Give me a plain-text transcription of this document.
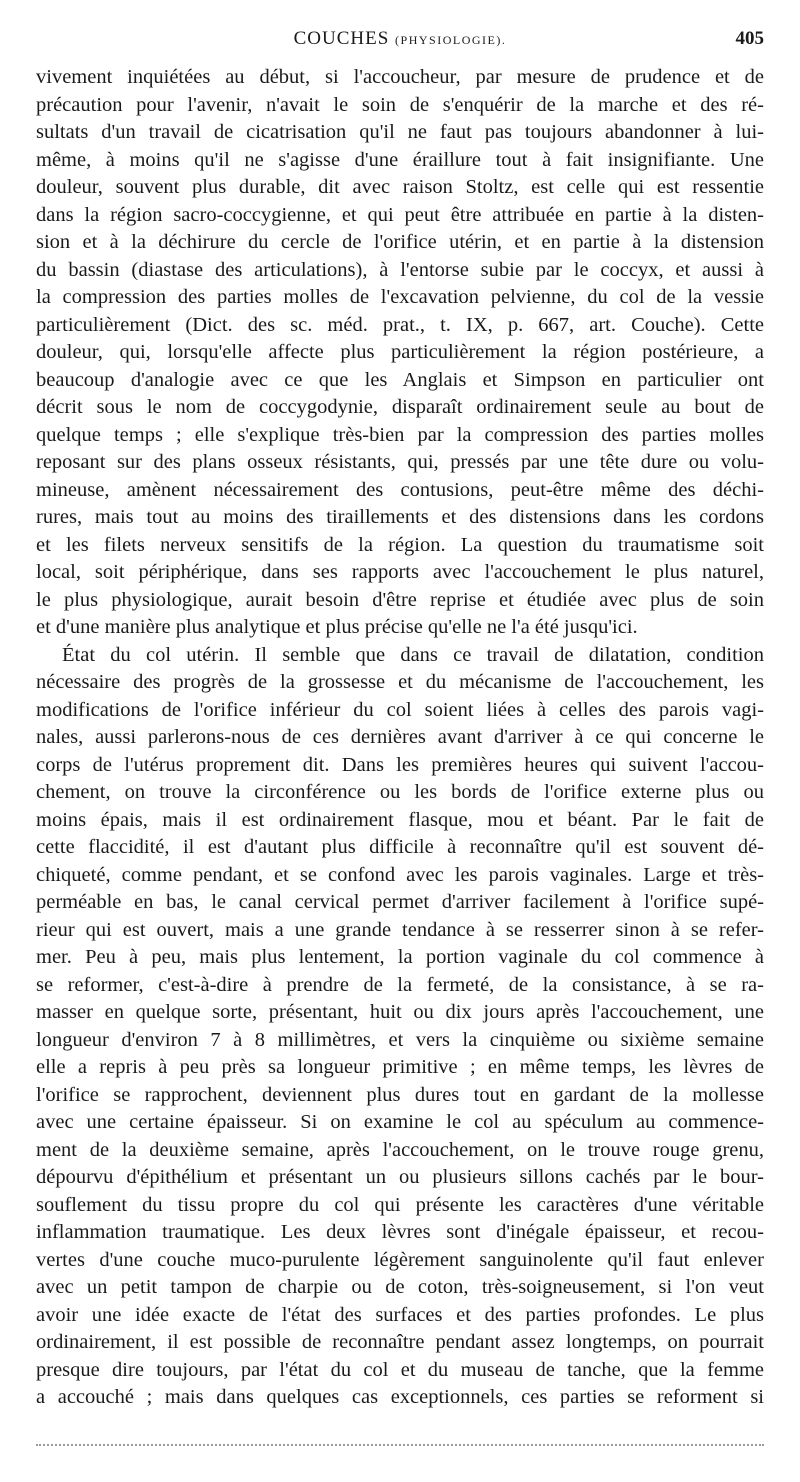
COUCHES (PHYSIOLOGIE).	405
vivement inquiétées au début, si l'accoucheur, par mesure de prudence et de
précaution pour l'avenir, n'avait le soin de s'enquérir de la marche et des ré-
sultats d'un travail de cicatrisation qu'il ne faut pas toujours abandonner à lui-
même, à moins qu'il ne s'agisse d'une éraillure tout à fait insignifiante. Une
douleur, souvent plus durable, dit avec raison Stoltz, est celle qui est ressentie
dans la région sacro-coccygienne, et qui peut être attribuée en partie à la disten-
sion et à la déchirure du cercle de l'orifice utérin, et en partie à la distension
du bassin (diastase des articulations), à l'entorse subie par le coccyx, et aussi à
la compression des parties molles de l'excavation pelvienne, du col de la vessie
particulièrement (Dict. des sc. méd. prat., t. IX, p. 667, art. Couche). Cette
douleur, qui, lorsqu'elle affecte plus particulièrement la région postérieure, a
beaucoup d'analogie avec ce que les Anglais et Simpson en particulier ont
décrit sous le nom de coccygodynie, disparaît ordinairement seule au bout de
quelque temps ; elle s'explique très-bien par la compression des parties molles
reposant sur des plans osseux résistants, qui, pressés par une tête dure ou volu-
mineuse, amènent nécessairement des contusions, peut-être même des déchi-
rures, mais tout au moins des tiraillements et des distensions dans les cordons
et les filets nerveux sensitifs de la région. La question du traumatisme soit
local, soit périphérique, dans ses rapports avec l'accouchement le plus naturel,
le plus physiologique, aurait besoin d'être reprise et étudiée avec plus de soin
et d'une manière plus analytique et plus précise qu'elle ne l'a été jusqu'ici.
État du col utérin. Il semble que dans ce travail de dilatation, condition
nécessaire des progrès de la grossesse et du mécanisme de l'accouchement, les
modifications de l'orifice inférieur du col soient liées à celles des parois vagi-
nales, aussi parlerons-nous de ces dernières avant d'arriver à ce qui concerne le
corps de l'utérus proprement dit. Dans les premières heures qui suivent l'accou-
chement, on trouve la circonférence ou les bords de l'orifice externe plus ou
moins épais, mais il est ordinairement flasque, mou et béant. Par le fait de
cette flaccidité, il est d'autant plus difficile à reconnaître qu'il est souvent dé-
chiqueté, comme pendant, et se confond avec les parois vaginales. Large et très-
perméable en bas, le canal cervical permet d'arriver facilement à l'orifice supé-
rieur qui est ouvert, mais a une grande tendance à se resserrer sinon à se refer-
mer. Peu à peu, mais plus lentement, la portion vaginale du col commence à
se reformer, c'est-à-dire à prendre de la fermeté, de la consistance, à se ra-
masser en quelque sorte, présentant, huit ou dix jours après l'accouchement, une
longueur d'environ 7 à 8 millimètres, et vers la cinquième ou sixième semaine
elle a repris à peu près sa longueur primitive ; en même temps, les lèvres de
l'orifice se rapprochent, deviennent plus dures tout en gardant de la mollesse
avec une certaine épaisseur. Si on examine le col au spéculum au commence-
ment de la deuxième semaine, après l'accouchement, on le trouve rouge grenu,
dépourvu d'épithélium et présentant un ou plusieurs sillons cachés par le bour-
souflement du tissu propre du col qui présente les caractères d'une véritable
inflammation traumatique. Les deux lèvres sont d'inégale épaisseur, et recou-
vertes d'une couche muco-purulente légèrement sanguinolente qu'il faut enlever
avec un petit tampon de charpie ou de coton, très-soigneusement, si l'on veut
avoir une idée exacte de l'état des surfaces et des parties profondes. Le plus
ordinairement, il est possible de reconnaître pendant assez longtemps, on pourrait
presque dire toujours, par l'état du col et du museau de tanche, que la femme
a accouché ; mais dans quelques cas exceptionnels, ces parties se reforment si
